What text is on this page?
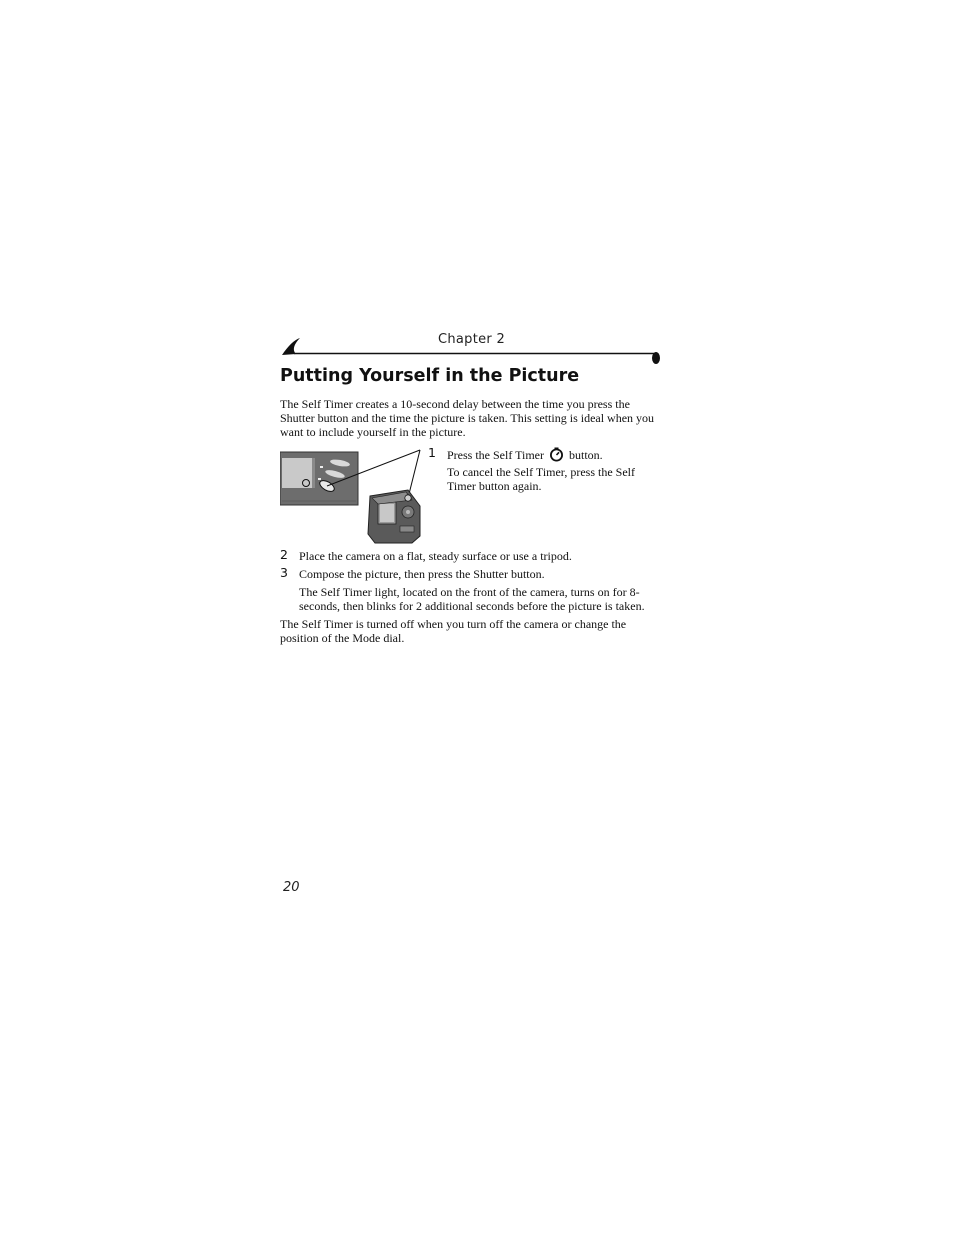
Chapter 2
Putting Yourself in the Picture

The Self Timer creates a 10-second delay between the time you press the Shutter button and the time the picture is taken. This setting is ideal when you want to include yourself in the picture.

1 Press the Self Timer button.
To cancel the Self Timer, press the Self Timer button again.
2 Place the camera on a flat, steady surface or use a tripod.
3 Compose the picture, then press the Shutter button.
The Self Timer light, located on the front of the camera, turns on for 8-seconds, then blinks for 2 additional seconds before the picture is taken.

The Self Timer is turned off when you turn off the camera or change the position of the Mode dial.

20
